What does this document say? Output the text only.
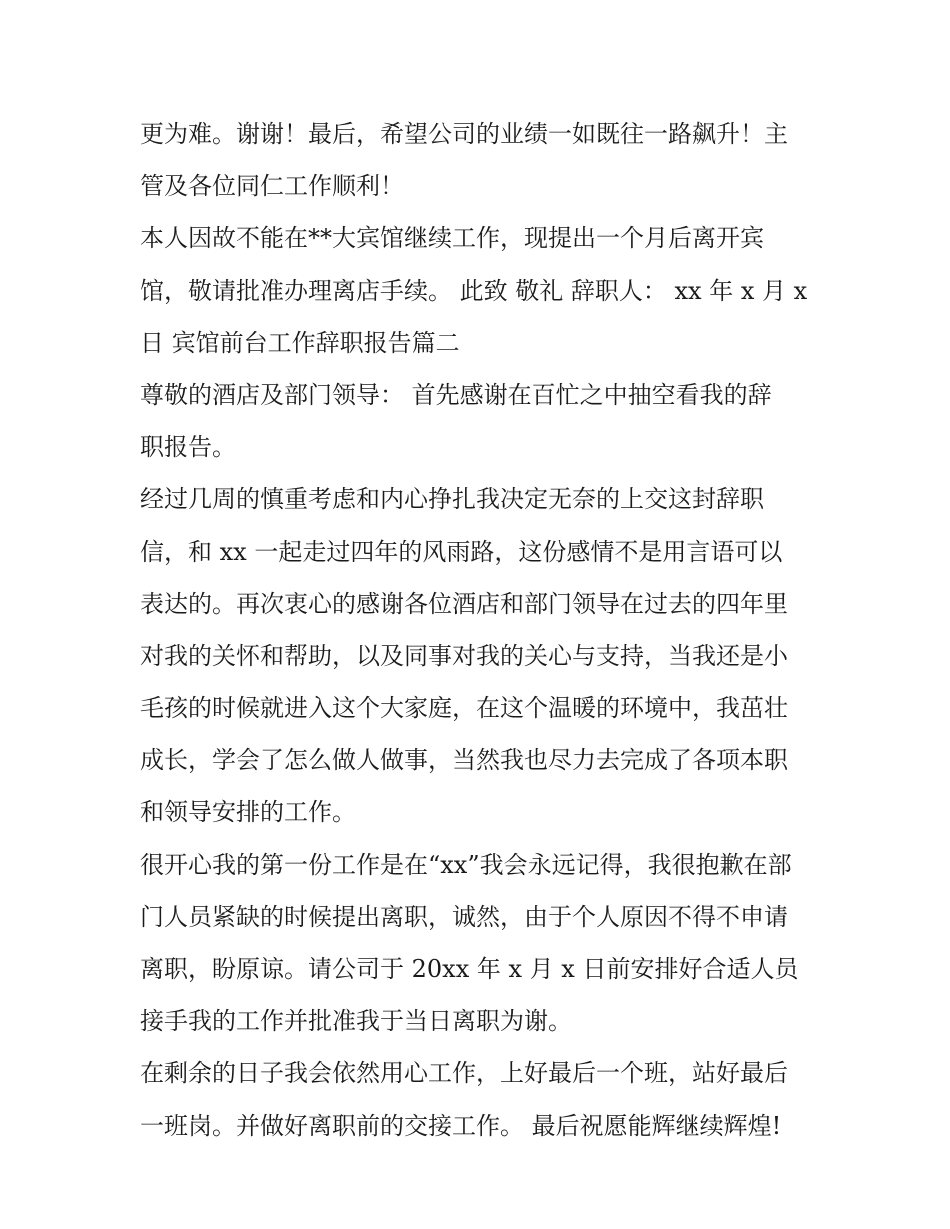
更为难。谢谢！最后，希望公司的业绩一如既往一路飙升！主
管及各位同仁工作顺利！
本人因故不能在**大宾馆继续工作，现提出一个月后离开宾
馆，敬请批准办理离店手续。 此致 敬礼 辞职人： xx 年 x 月 x
日 宾馆前台工作辞职报告篇二
尊敬的酒店及部门领导： 首先感谢在百忙之中抽空看我的辞
职报告。
经过几周的慎重考虑和内心挣扎我决定无奈的上交这封辞职
信，和 xx 一起走过四年的风雨路，这份感情不是用言语可以
表达的。再次衷心的感谢各位酒店和部门领导在过去的四年里
对我的关怀和帮助，以及同事对我的关心与支持，当我还是小
毛孩的时候就进入这个大家庭，在这个温暖的环境中，我茁壮
成长，学会了怎么做人做事，当然我也尽力去完成了各项本职
和领导安排的工作。
很开心我的第一份工作是在“xx”我会永远记得，我很抱歉在部
门人员紧缺的时候提出离职，诚然，由于个人原因不得不申请
离职，盼原谅。请公司于 20xx 年 x 月 x 日前安排好合适人员
接手我的工作并批准我于当日离职为谢。
在剩余的日子我会依然用心工作，上好最后一个班，站好最后
一班岗。并做好离职前的交接工作。 最后祝愿能辉继续辉煌!
